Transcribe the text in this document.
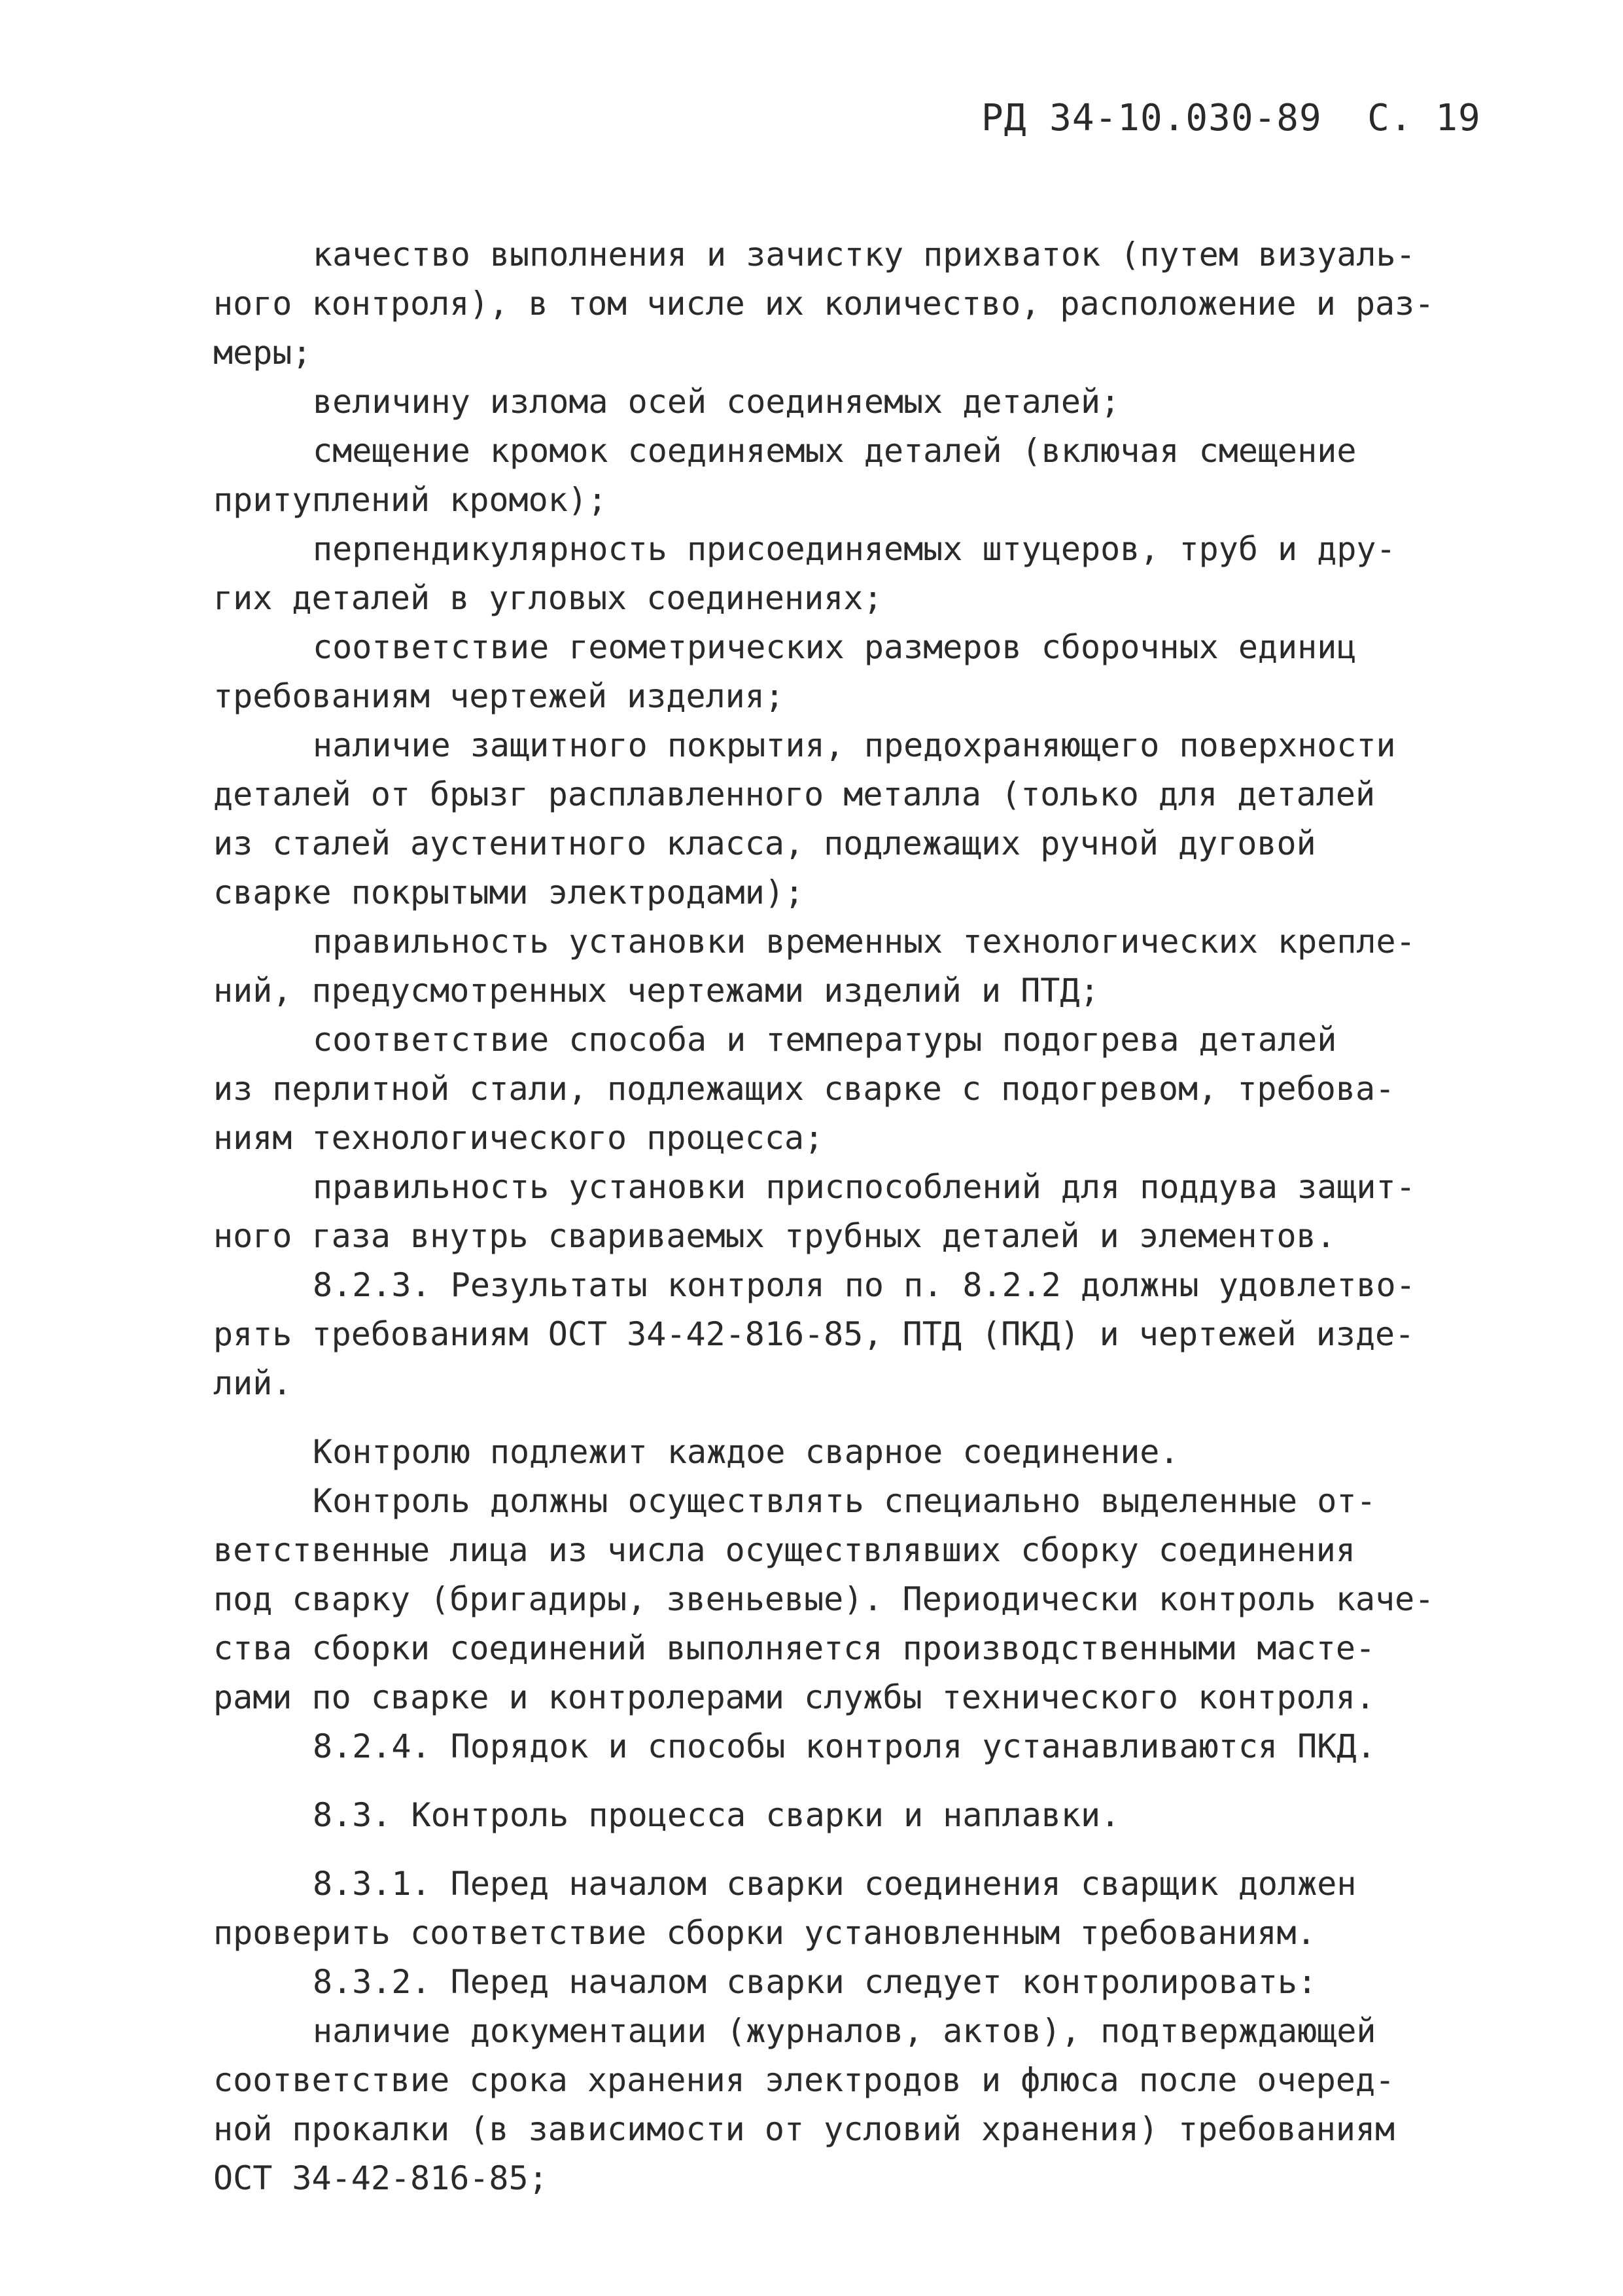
РД 34-10.030-89 С. 19
качество выполнения и зачистку прихваток (путем визуаль-
ного контроля), в том числе их количество, расположение и раз-
меры;
величину излома осей соединяемых деталей;
смещение кромок соединяемых деталей (включая смещение
притуплений кромок);
перпендикулярность присоединяемых штуцеров, труб и дру-
гих деталей в угловых соединениях;
соответствие геометрических размеров сборочных единиц
требованиям чертежей изделия;
наличие защитного покрытия, предохраняющего поверхности
деталей от брызг расплавленного металла (только для деталей
из сталей аустенитного класса, подлежащих ручной дуговой
сварке покрытыми электродами);
правильность установки временных технологических крепле-
ний, предусмотренных чертежами изделий и ПТД;
соответствие способа и температуры подогрева деталей
из перлитной стали, подлежащих сварке с подогревом, требова-
ниям технологического процесса;
правильность установки приспособлений для поддува защит-
ного газа внутрь свариваемых трубных деталей и элементов.
8.2.3. Результаты контроля по п. 8.2.2 должны удовлетво-
рять требованиям ОСТ 34-42-816-85, ПТД (ПКД) и чертежей изде-
лий.
Контролю подлежит каждое сварное соединение.
Контроль должны осуществлять специально выделенные от-
ветственные лица из числа осуществлявших сборку соединения
под сварку (бригадиры, звеньевые). Периодически контроль каче-
ства сборки соединений выполняется производственными масте-
рами по сварке и контролерами службы технического контроля.
8.2.4. Порядок и способы контроля устанавливаются ПКД.
8.3. Контроль процесса сварки и наплавки.
8.3.1. Перед началом сварки соединения сварщик должен
проверить соответствие сборки установленным требованиям.
8.3.2. Перед началом сварки следует контролировать:
наличие документации (журналов, актов), подтверждающей
соответствие срока хранения электродов и флюса после очеред-
ной прокалки (в зависимости от условий хранения) требованиям
ОСТ 34-42-816-85;
